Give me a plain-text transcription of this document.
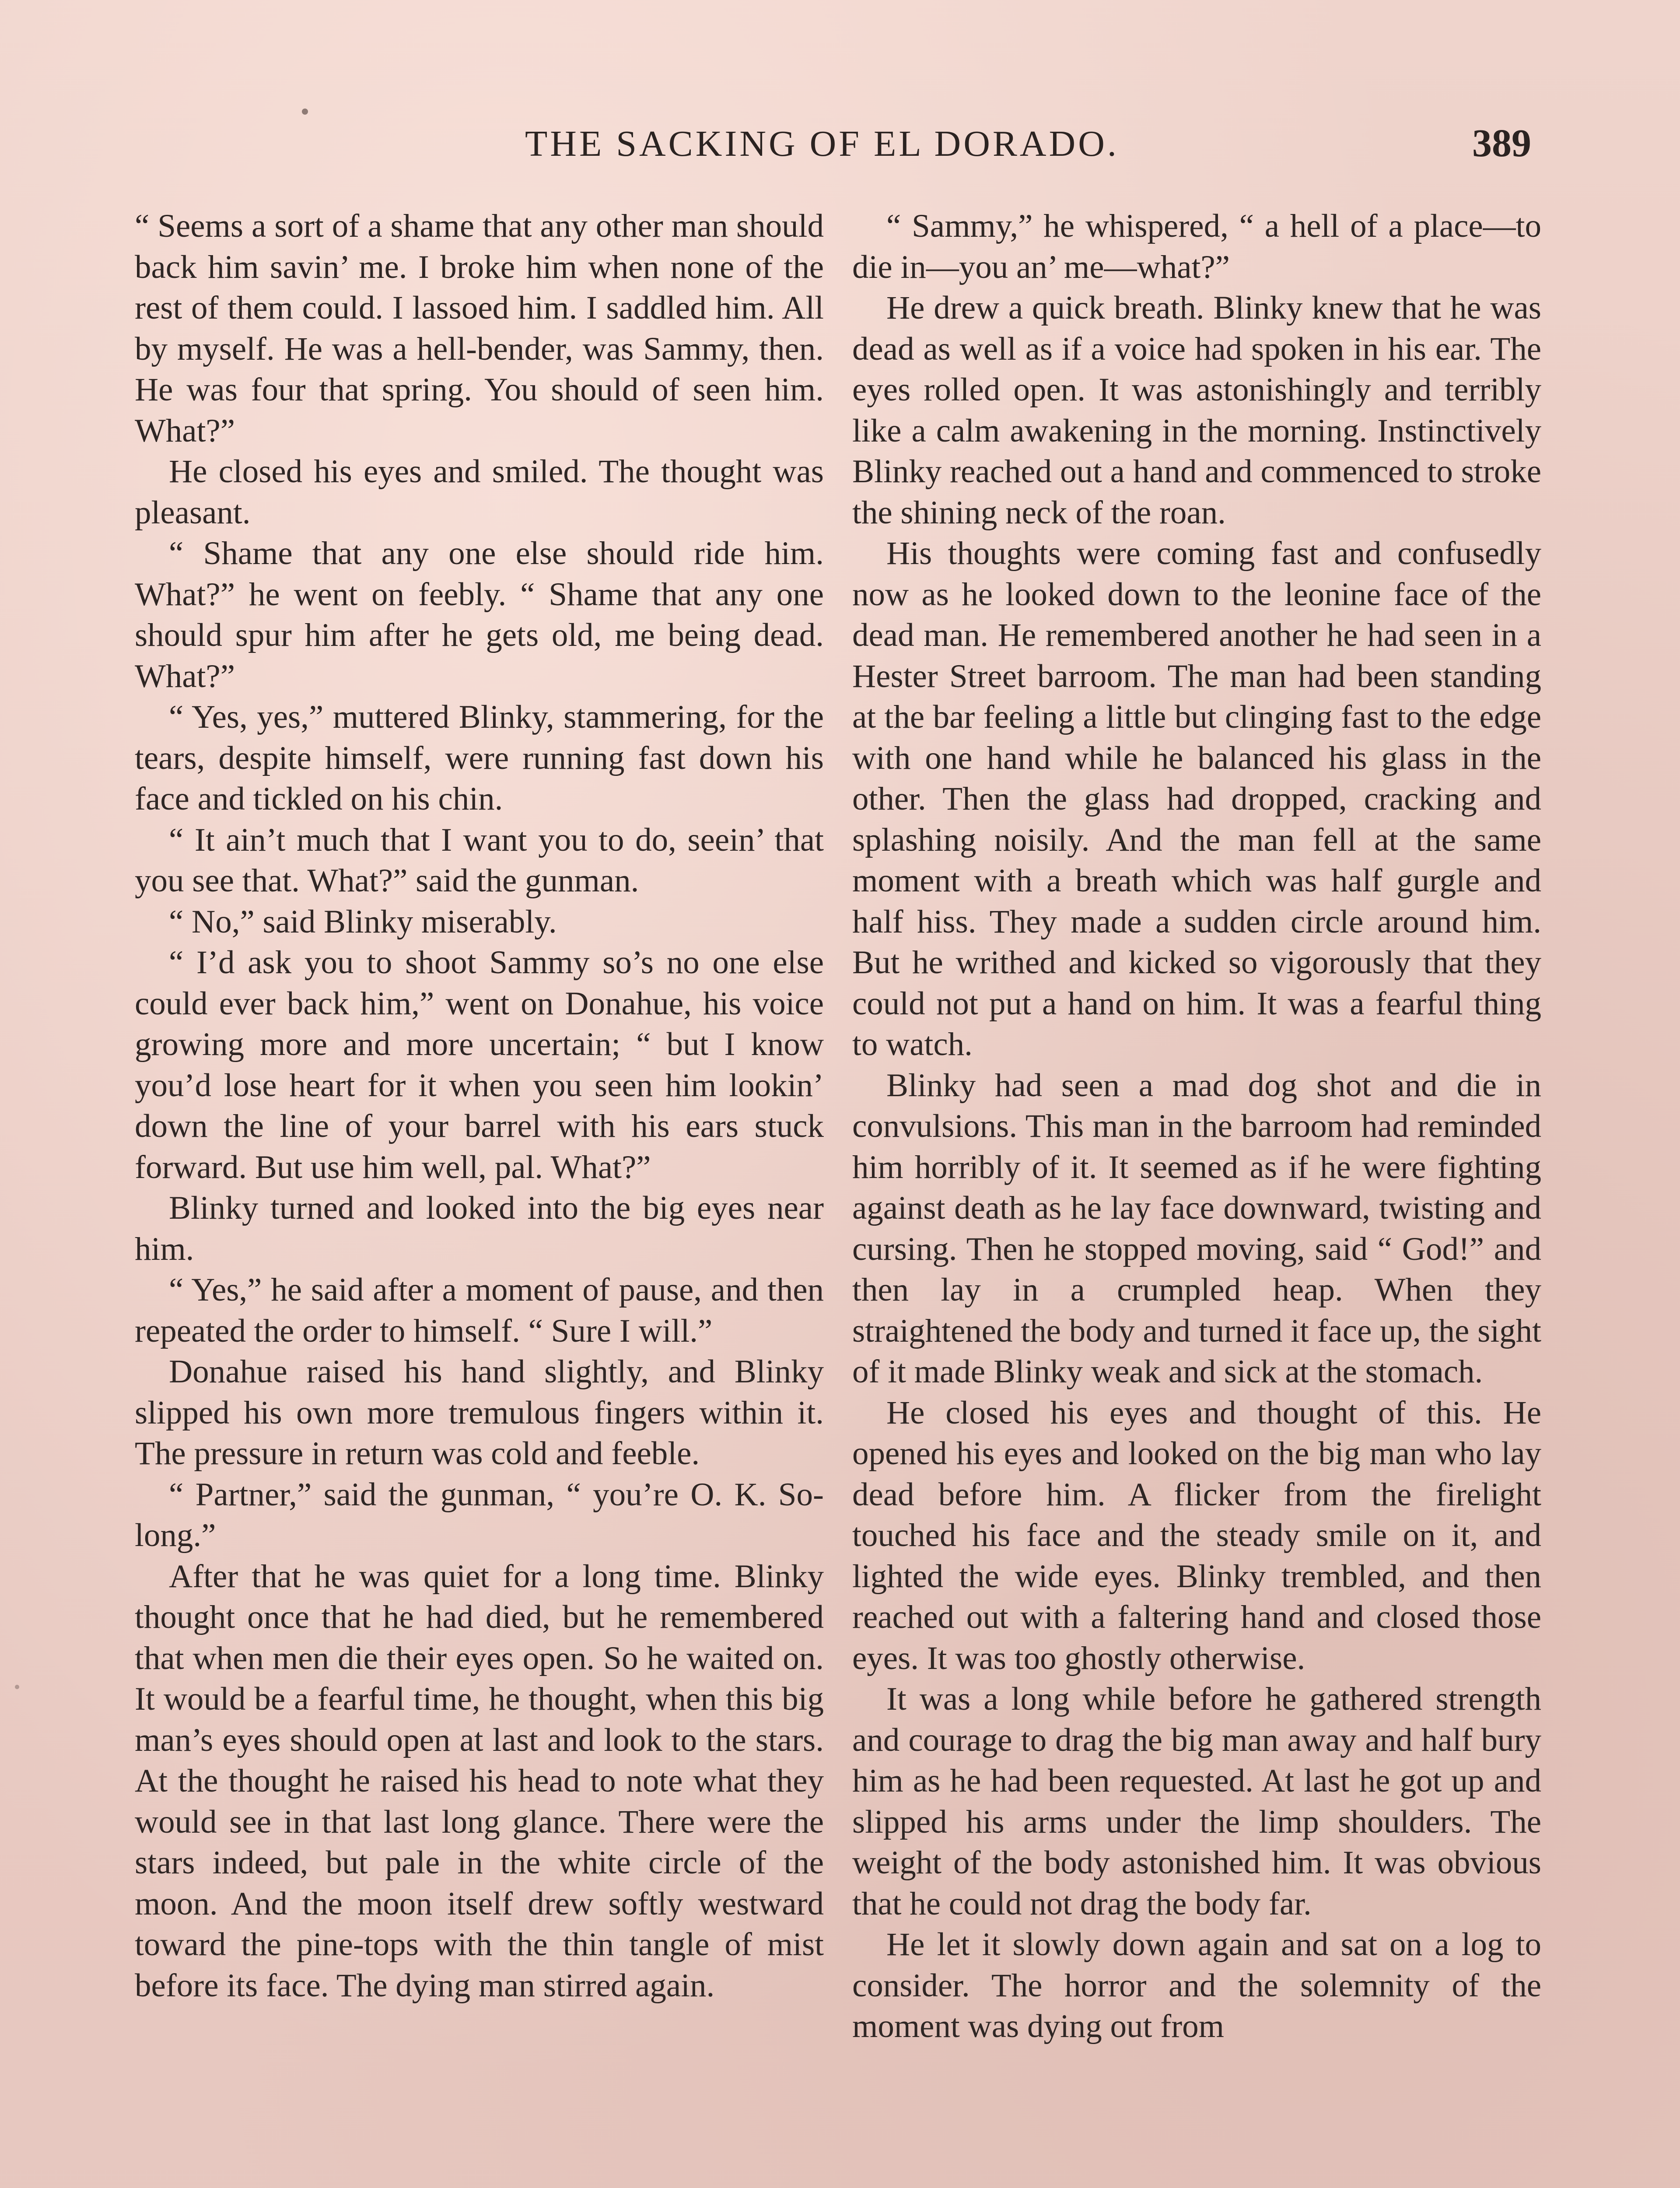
THE SACKING OF EL DORADO.	389

“ Seems a sort of a shame that any other man should back him savin’ me. I broke him when none of the rest of them could. I lassoed him. I saddled him. All by myself. He was a hell-bender, was Sammy, then. He was four that spring. You should of seen him. What?”

He closed his eyes and smiled. The thought was pleasant.

“ Shame that any one else should ride him. What?” he went on feebly. “ Shame that any one should spur him after he gets old, me being dead. What?”

“ Yes, yes,” muttered Blinky, stammering, for the tears, despite himself, were running fast down his face and tickled on his chin.

“ It ain’t much that I want you to do, seein’ that you see that. What?” said the gunman.

“ No,” said Blinky miserably.

“ I’d ask you to shoot Sammy so’s no one else could ever back him,” went on Donahue, his voice growing more and more uncertain; “ but I know you’d lose heart for it when you seen him lookin’ down the line of your barrel with his ears stuck forward. But use him well, pal. What?”

Blinky turned and looked into the big eyes near him.

“ Yes,” he said after a moment of pause, and then repeated the order to himself. “ Sure I will.”

Donahue raised his hand slightly, and Blinky slipped his own more tremulous fingers within it. The pressure in return was cold and feeble.

“ Partner,” said the gunman, “ you’re O. K. So-long.”

After that he was quiet for a long time. Blinky thought once that he had died, but he remembered that when men die their eyes open. So he waited on. It would be a fearful time, he thought, when this big man’s eyes should open at last and look to the stars. At the thought he raised his head to note what they would see in that last long glance. There were the stars indeed, but pale in the white circle of the moon. And the moon itself drew softly westward toward the pine-tops with the thin tangle of mist before its face. The dying man stirred again.

“ Sammy,” he whispered, “ a hell of a place—to die in—you an’ me—what?”

He drew a quick breath. Blinky knew that he was dead as well as if a voice had spoken in his ear. The eyes rolled open. It was astonishingly and terribly like a calm awakening in the morning. Instinctively Blinky reached out a hand and commenced to stroke the shining neck of the roan.

His thoughts were coming fast and confusedly now as he looked down to the leonine face of the dead man. He remembered another he had seen in a Hester Street barroom. The man had been standing at the bar feeling a little but clinging fast to the edge with one hand while he balanced his glass in the other. Then the glass had dropped, cracking and splashing noisily. And the man fell at the same moment with a breath which was half gurgle and half hiss. They made a sudden circle around him. But he writhed and kicked so vigorously that they could not put a hand on him. It was a fearful thing to watch.

Blinky had seen a mad dog shot and die in convulsions. This man in the barroom had reminded him horribly of it. It seemed as if he were fighting against death as he lay face downward, twisting and cursing. Then he stopped moving, said “ God!” and then lay in a crumpled heap. When they straightened the body and turned it face up, the sight of it made Blinky weak and sick at the stomach.

He closed his eyes and thought of this. He opened his eyes and looked on the big man who lay dead before him. A flicker from the firelight touched his face and the steady smile on it, and lighted the wide eyes. Blinky trembled, and then reached out with a faltering hand and closed those eyes. It was too ghostly otherwise.

It was a long while before he gathered strength and courage to drag the big man away and half bury him as he had been requested. At last he got up and slipped his arms under the limp shoulders. The weight of the body astonished him. It was obvious that he could not drag the body far.

He let it slowly down again and sat on a log to consider. The horror and the solemnity of the moment was dying out from
